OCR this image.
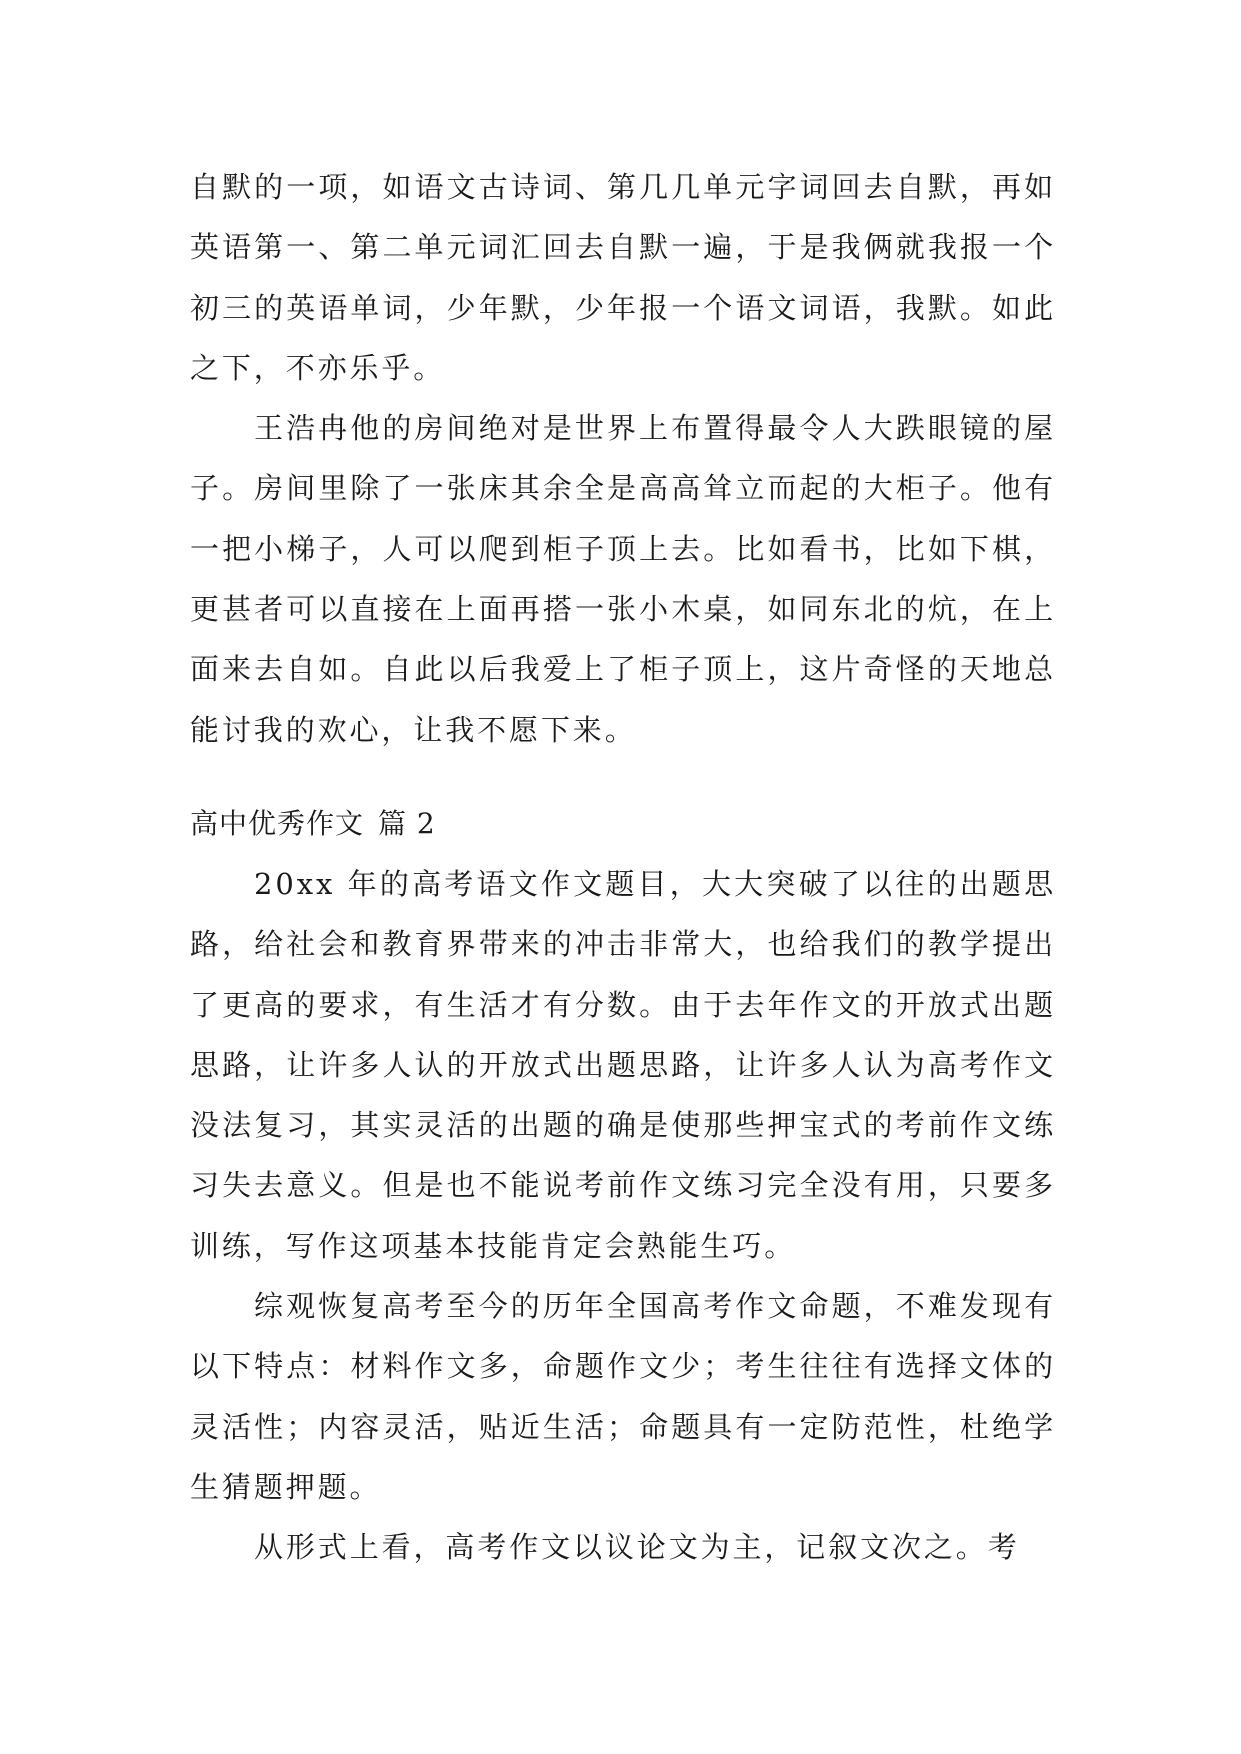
自默的一项，如语文古诗词、第几几单元字词回去自默，再如英语第一、第二单元词汇回去自默一遍，于是我俩就我报一个初三的英语单词，少年默，少年报一个语文词语，我默。如此之下，不亦乐乎。

王浩冉他的房间绝对是世界上布置得最令人大跌眼镜的屋子。房间里除了一张床其余全是高高耸立而起的大柜子。他有一把小梯子，人可以爬到柜子顶上去。比如看书，比如下棋，更甚者可以直接在上面再搭一张小木桌，如同东北的炕，在上面来去自如。自此以后我爱上了柜子顶上，这片奇怪的天地总能讨我的欢心，让我不愿下来。

高中优秀作文 篇 2

20xx 年的高考语文作文题目，大大突破了以往的出题思路，给社会和教育界带来的冲击非常大，也给我们的教学提出了更高的要求，有生活才有分数。由于去年作文的开放式出题思路，让许多人认的开放式出题思路，让许多人认为高考作文没法复习，其实灵活的出题的确是使那些押宝式的考前作文练习失去意义。但是也不能说考前作文练习完全没有用，只要多训练，写作这项基本技能肯定会熟能生巧。

综观恢复高考至今的历年全国高考作文命题，不难发现有以下特点：材料作文多，命题作文少；考生往往有选择文体的灵活性；内容灵活，贴近生活；命题具有一定防范性，杜绝学生猜题押题。

从形式上看，高考作文以议论文为主，记叙文次之。考
